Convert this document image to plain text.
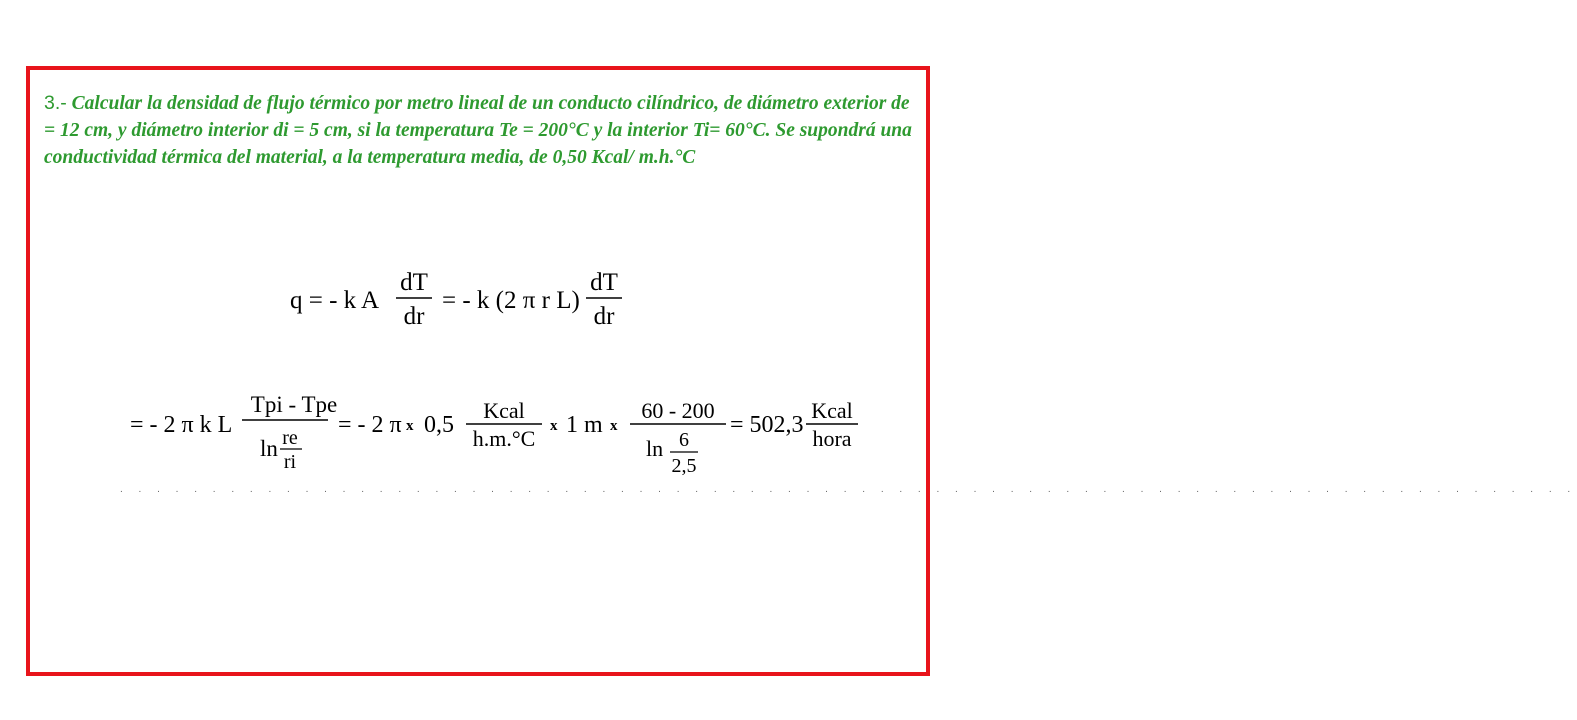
3.- Calcular la densidad de flujo térmico por metro lineal de un conducto cilíndrico, de diámetro exterior de = 12 cm, y diámetro interior di = 5 cm, si la temperatura Te = 200°C y la interior Ti= 60°C. Se supondrá una conductividad térmica del material, a la temperatura media, de 0,50 Kcal/ m.h.°C

q = - k A
dT
dr
= - k (2 π r L)
dT
dr
= - 2 π k L
Tpi - Tpe
ln re
ri
= - 2 π x 0,5
Kcal
h.m.°C x 1 m x
60 - 200
ln 6
2,5
= 502,3
Kcal
hora
. . . . . . . . . . . . . . . . . . . . . . . . . . . . . . . . . . . . . . . . . . . . . . . . . . . . . . . . . . . . . . . . . . . . . . . . . . . . . . .
